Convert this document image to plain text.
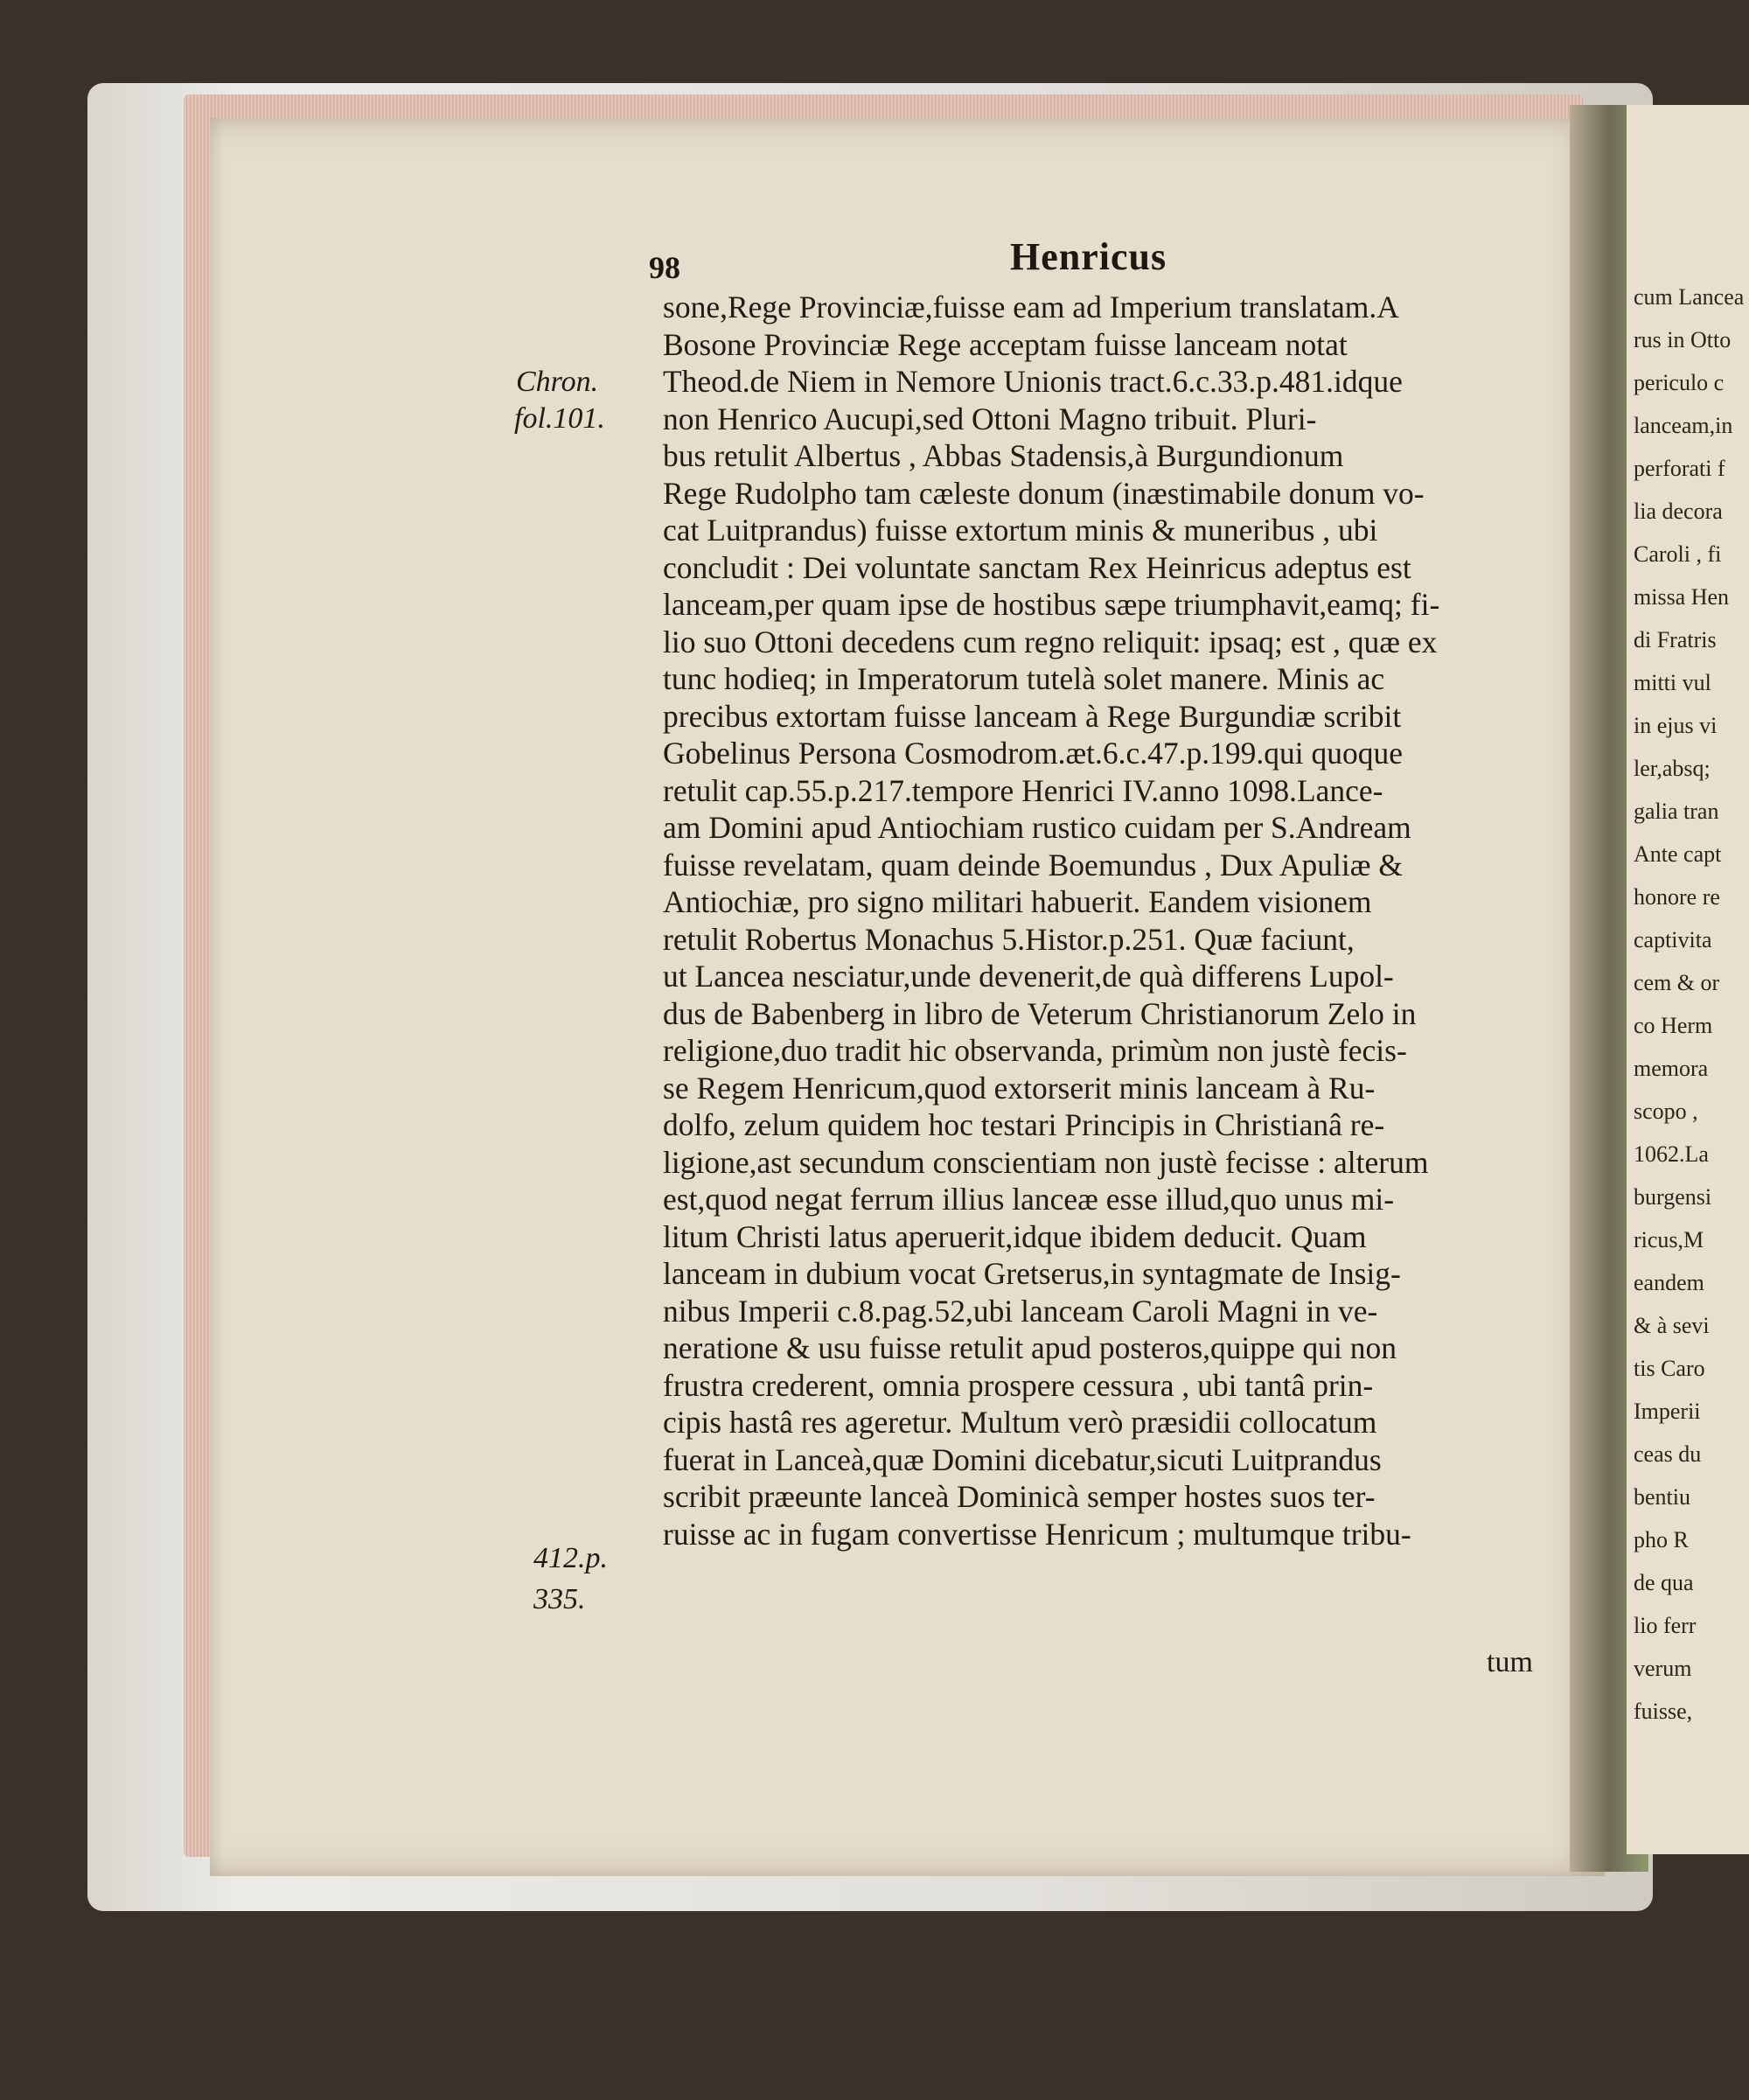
cum Lancea
rus in Otto
periculo c
lanceam,in
perforati f
lia decora
Caroli , fi
missa Hen
di Fratris
mitti vul
in ejus vi
ler,absq;
galia tran
Ante capt
honore re
captivita
cem & or
co Herm
memora
scopo ,
1062.La
burgensi
ricus,M
eandem
& à sevi
tis Caro
Imperii
ceas du
bentiu
pho R
de qua
lio ferr
verum
fuisse,
98	Henricus
sone,Rege Provinciæ,fuisse eam ad Imperium translatam.A
Bosone Provinciæ Rege acceptam fuisse lanceam notat
Theod.de Niem in Nemore Unionis tract.6.c.33.p.481.idque
non Henrico Aucupi,sed Ottoni Magno tribuit. Pluri-
bus retulit Albertus , Abbas Stadensis,à Burgundionum
Rege Rudolpho tam cæleste donum (inæstimabile donum vo-
cat Luitprandus) fuisse extortum minis & muneribus , ubi
concludit : Dei voluntate sanctam Rex Heinricus adeptus est
lanceam,per quam ipse de hostibus sæpe triumphavit,eamq; fi-
lio suo Ottoni decedens cum regno reliquit: ipsaq; est , quæ ex
tunc hodieq; in Imperatorum tutelà solet manere. Minis ac
precibus extortam fuisse lanceam à Rege Burgundiæ scribit
Gobelinus Persona Cosmodrom.æt.6.c.47.p.199.qui quoque
retulit cap.55.p.217.tempore Henrici IV.anno 1098.Lance-
am Domini apud Antiochiam rustico cuidam per S.Andream
fuisse revelatam, quam deinde Boemundus , Dux Apuliæ &
Antiochiæ, pro signo militari habuerit. Eandem visionem
retulit Robertus Monachus 5.Histor.p.251. Quæ faciunt,
ut Lancea nesciatur,unde devenerit,de quà differens Lupol-
dus de Babenberg in libro de Veterum Christianorum Zelo in
religione,duo tradit hic observanda, primùm non justè fecis-
se Regem Henricum,quod extorserit minis lanceam à Ru-
dolfo, zelum quidem hoc testari Principis in Christianâ re-
ligione,ast secundum conscientiam non justè fecisse : alterum
est,quod negat ferrum illius lanceæ esse illud,quo unus mi-
litum Christi latus aperuerit,idque ibidem deducit. Quam
lanceam in dubium vocat Gretserus,in syntagmate de Insig-
nibus Imperii c.8.pag.52,ubi lanceam Caroli Magni in ve-
neratione & usu fuisse retulit apud posteros,quippe qui non
frustra crederent, omnia prospere cessura , ubi tantâ prin-
cipis hastâ res ageretur. Multum verò præsidii collocatum
fuerat in Lanceà,quæ Domini dicebatur,sicuti Luitprandus
scribit præeunte lanceà Dominicà semper hostes suos ter-
ruisse ac in fugam convertisse Henricum ; multumque tribu-
Chron.
fol.101.
412.p.
335.
tum
